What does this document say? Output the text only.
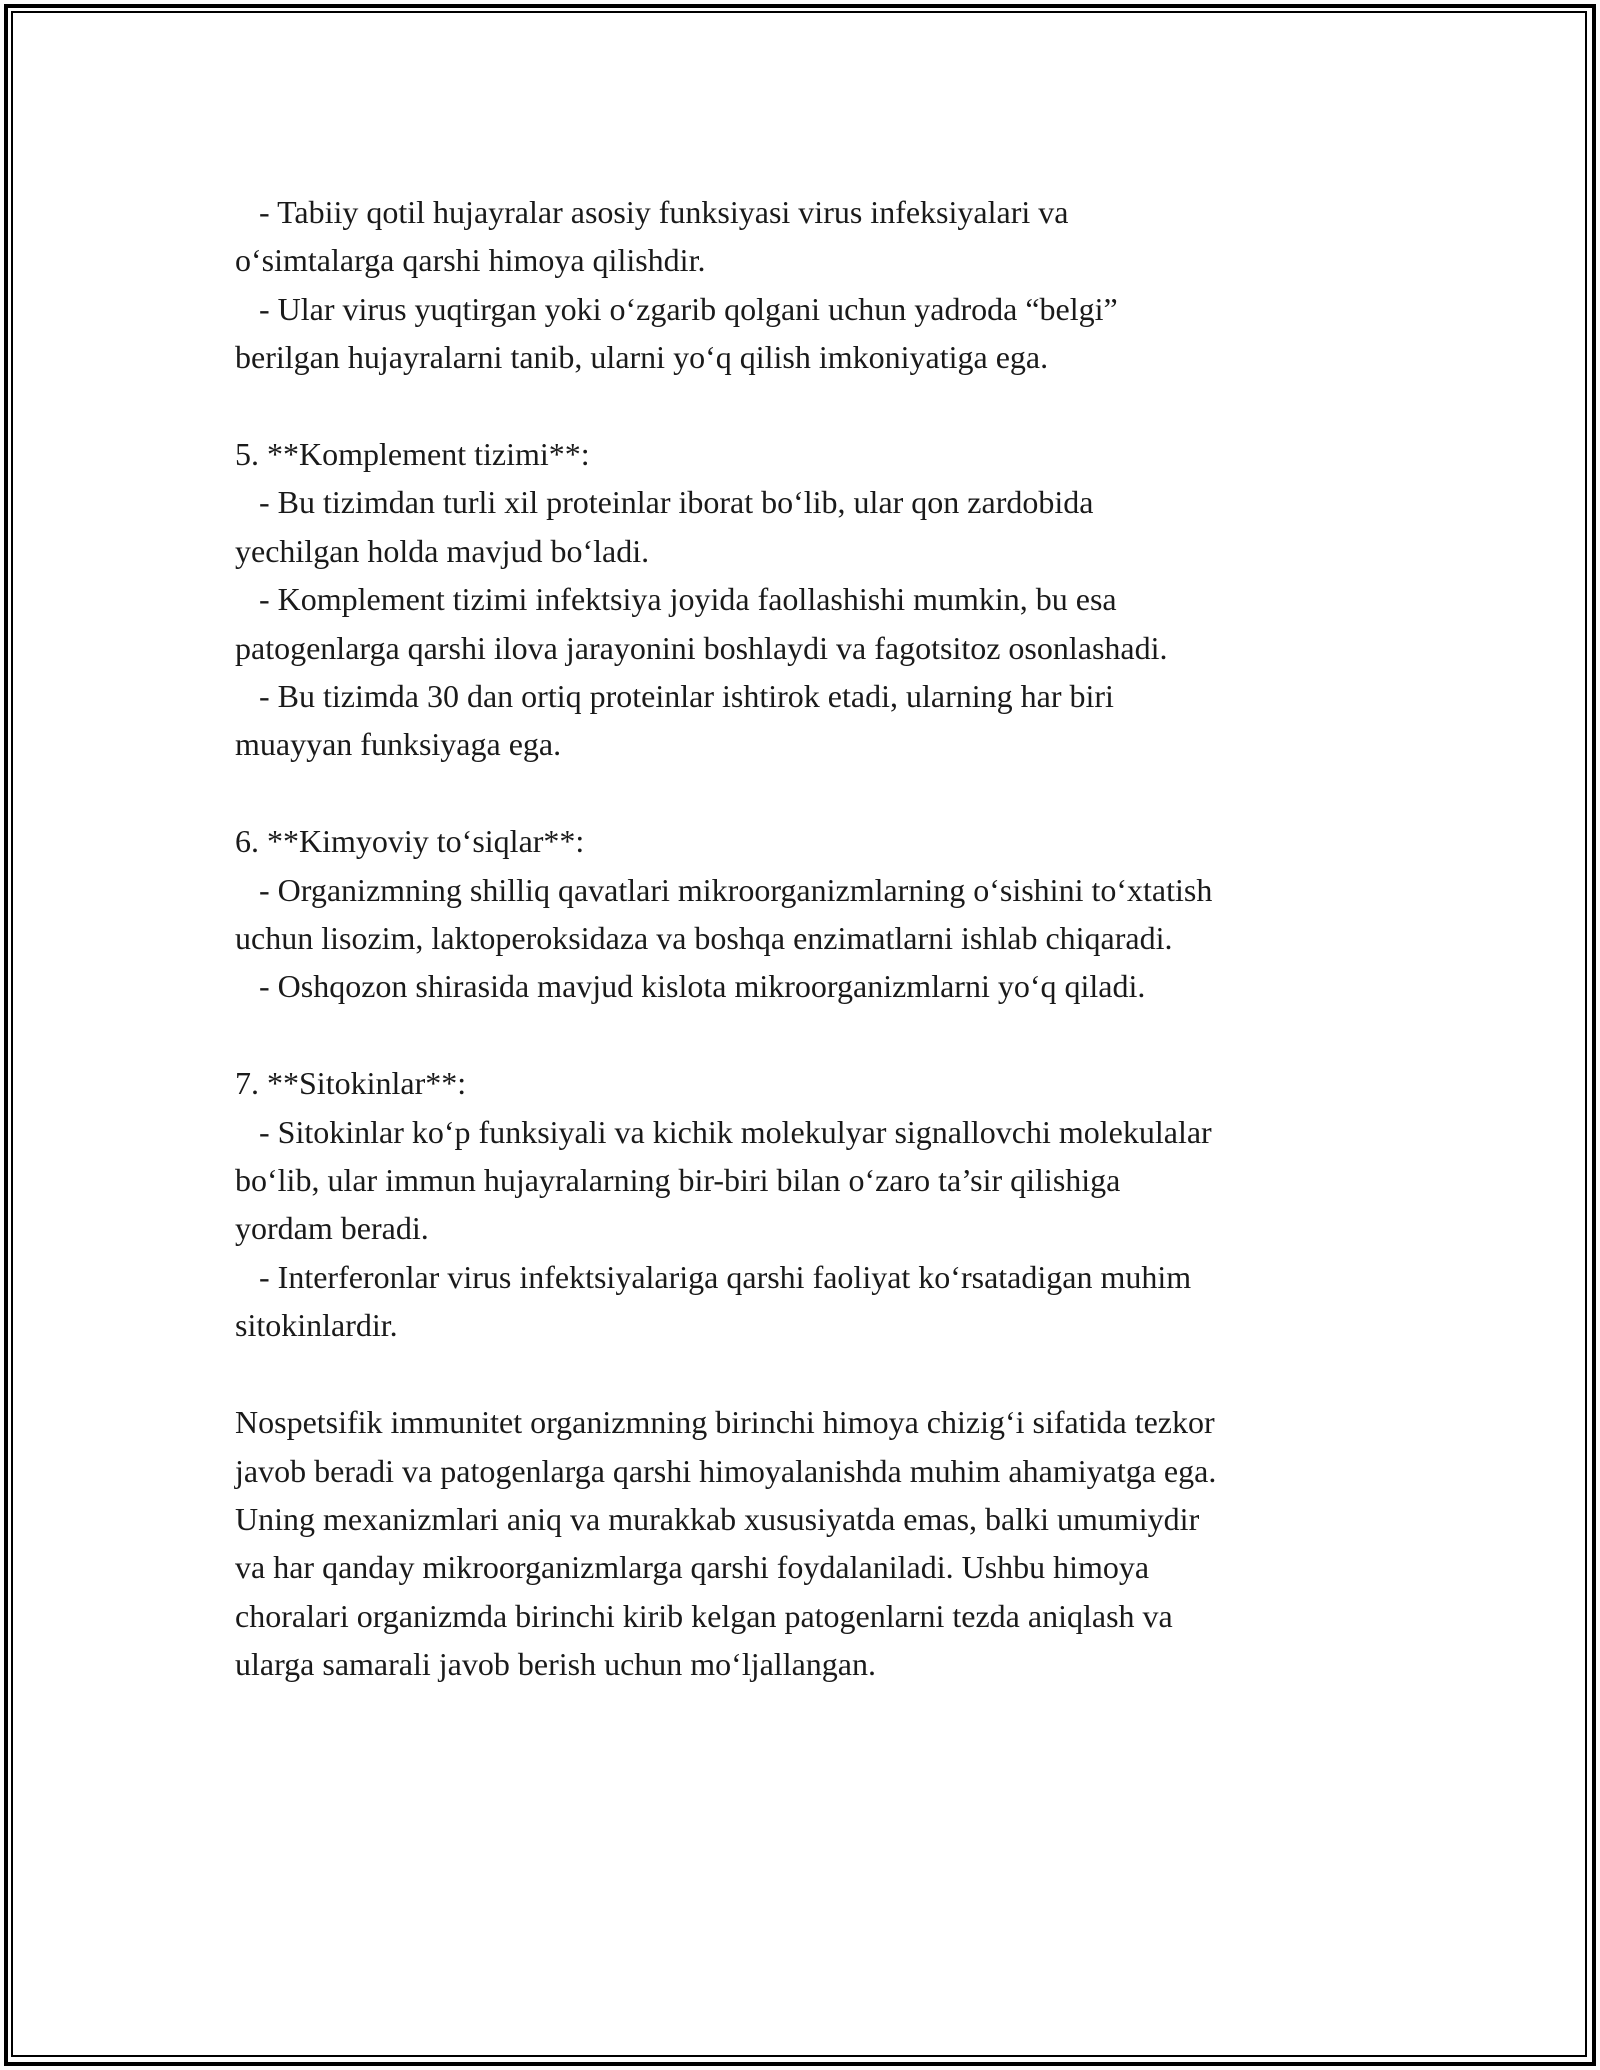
- Tabiiy qotil hujayralar asosiy funksiyasi virus infeksiyalari va
o‘simtalarga qarshi himoya qilishdir.

- Ular virus yuqtirgan yoki o‘zgarib qolgani uchun yadroda “belgi”
berilgan hujayralarni tanib, ularni yo‘q qilish imkoniyatiga ega.

5. **Komplement tizimi**:

- Bu tizimdan turli xil proteinlar iborat bo‘lib, ular qon zardobida
yechilgan holda mavjud bo‘ladi.

- Komplement tizimi infektsiya joyida faollashishi mumkin, bu esa
patogenlarga qarshi ilova jarayonini boshlaydi va fagotsitoz osonlashadi.

- Bu tizimda 30 dan ortiq proteinlar ishtirok etadi, ularning har biri
muayyan funksiyaga ega.

6. **Kimyoviy to‘siqlar**:

- Organizmning shilliq qavatlari mikroorganizmlarning o‘sishini to‘xtatish
uchun lisozim, laktoperoksidaza va boshqa enzimatlarni ishlab chiqaradi.

- Oshqozon shirasida mavjud kislota mikroorganizmlarni yo‘q qiladi.

7. **Sitokinlar**:

- Sitokinlar ko‘p funksiyali va kichik molekulyar signallovchi molekulalar
bo‘lib, ular immun hujayralarning bir-biri bilan o‘zaro ta’sir qilishiga
yordam beradi.

- Interferonlar virus infektsiyalariga qarshi faoliyat ko‘rsatadigan muhim
sitokinlardir.

Nospetsifik immunitet organizmning birinchi himoya chizig‘i sifatida tezkor
javob beradi va patogenlarga qarshi himoyalanishda muhim ahamiyatga ega.
Uning mexanizmlari aniq va murakkab xususiyatda emas, balki umumiydir
va har qanday mikroorganizmlarga qarshi foydalaniladi. Ushbu himoya
choralari organizmda birinchi kirib kelgan patogenlarni tezda aniqlash va
ularga samarali javob berish uchun mo‘ljallangan.
